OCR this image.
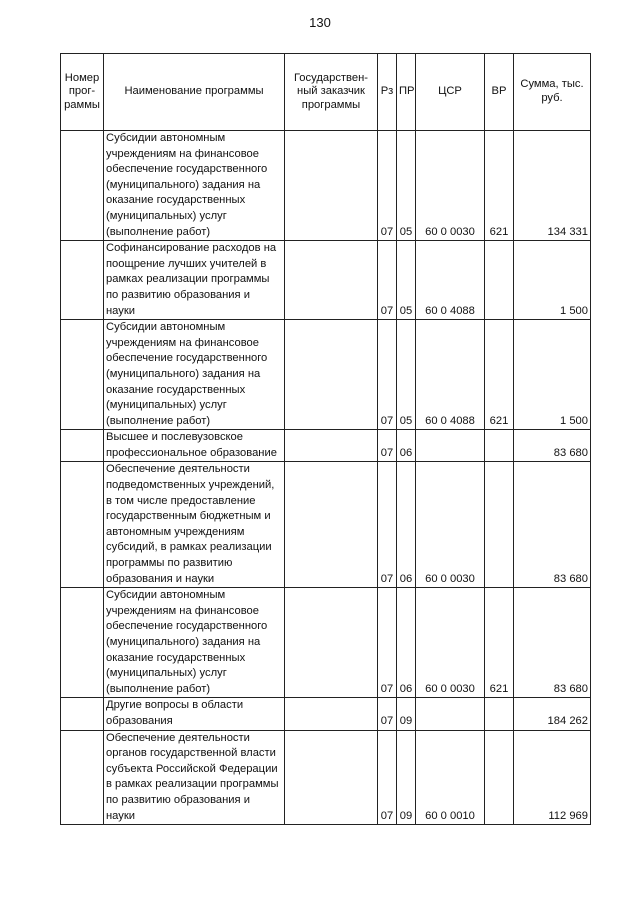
130
Номер прог- раммы	Наименование программы	Государствен- ный заказчик программы	Рз	ПР	ЦСР	ВР	Сумма, тыс. руб.
	Субсидии автономным учреждениям на финансовое обеспечение государственного (муниципального) задания на оказание государственных (муниципальных) услуг (выполнение работ)		07	05	60 0 0030	621	134 331
	Софинансирование расходов на поощрение лучших учителей в рамках реализации программы по развитию образования и науки		07	05	60 0 4088		1 500
	Субсидии автономным учреждениям на финансовое обеспечение государственного (муниципального) задания на оказание государственных (муниципальных) услуг (выполнение работ)		07	05	60 0 4088	621	1 500
	Высшее и послевузовское профессиональное образование		07	06			83 680
	Обеспечение деятельности подведомственных учреждений, в том числе предоставление государственным бюджетным и автономным учреждениям субсидий, в рамках реализации программы по развитию образования и науки		07	06	60 0 0030		83 680
	Субсидии автономным учреждениям на финансовое обеспечение государственного (муниципального) задания на оказание государственных (муниципальных) услуг (выполнение работ)		07	06	60 0 0030	621	83 680
	Другие вопросы в области образования		07	09			184 262
	Обеспечение деятельности органов государственной власти субъекта Российской Федерации в рамках реализации программы по развитию образования и науки		07	09	60 0 0010		112 969
